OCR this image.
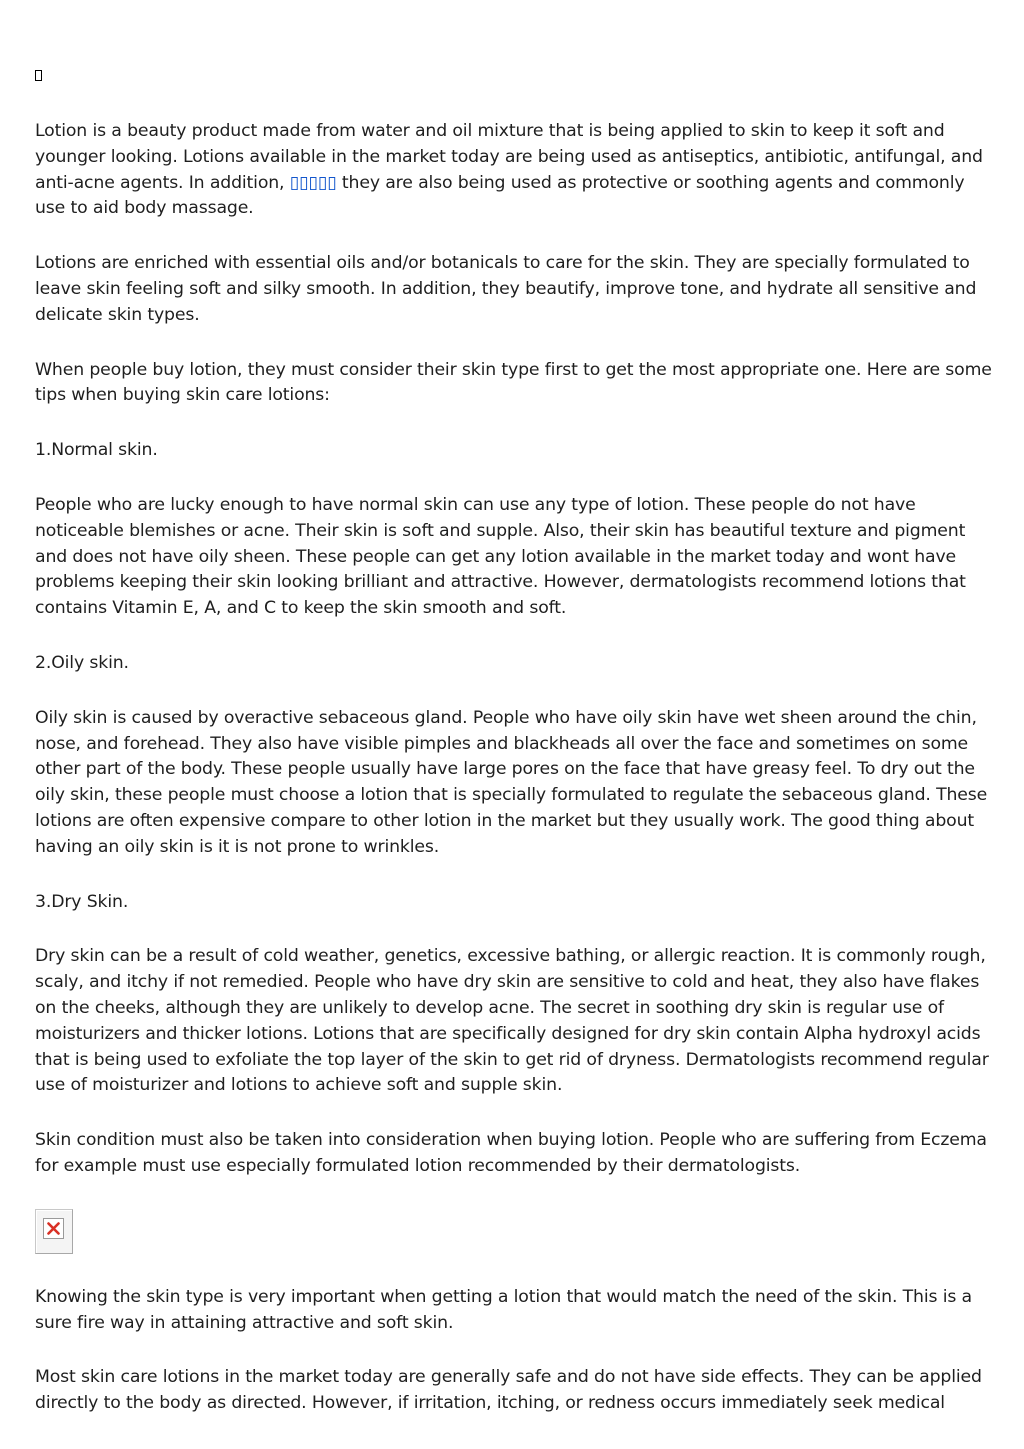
Lotion is a beauty product made from water and oil mixture that is being applied to skin to keep it soft and younger looking. Lotions available in the market today are being used as antiseptics, antibiotic, antifungal, and anti-acne agents. In addition, ▯▯▯▯▯ they are also being used as protective or soothing agents and commonly use to aid body massage.

Lotions are enriched with essential oils and/or botanicals to care for the skin. They are specially formulated to leave skin feeling soft and silky smooth. In addition, they beautify, improve tone, and hydrate all sensitive and delicate skin types.

When people buy lotion, they must consider their skin type first to get the most appropriate one. Here are some tips when buying skin care lotions:

1.Normal skin.

People who are lucky enough to have normal skin can use any type of lotion. These people do not have noticeable blemishes or acne. Their skin is soft and supple. Also, their skin has beautiful texture and pigment and does not have oily sheen. These people can get any lotion available in the market today and wont have problems keeping their skin looking brilliant and attractive. However, dermatologists recommend lotions that contains Vitamin E, A, and C to keep the skin smooth and soft.

2.Oily skin.

Oily skin is caused by overactive sebaceous gland. People who have oily skin have wet sheen around the chin, nose, and forehead. They also have visible pimples and blackheads all over the face and sometimes on some other part of the body. These people usually have large pores on the face that have greasy feel. To dry out the oily skin, these people must choose a lotion that is specially formulated to regulate the sebaceous gland. These lotions are often expensive compare to other lotion in the market but they usually work. The good thing about having an oily skin is it is not prone to wrinkles.

3.Dry Skin.

Dry skin can be a result of cold weather, genetics, excessive bathing, or allergic reaction. It is commonly rough, scaly, and itchy if not remedied. People who have dry skin are sensitive to cold and heat, they also have flakes on the cheeks, although they are unlikely to develop acne. The secret in soothing dry skin is regular use of moisturizers and thicker lotions. Lotions that are specifically designed for dry skin contain Alpha hydroxyl acids that is being used to exfoliate the top layer of the skin to get rid of dryness. Dermatologists recommend regular use of moisturizer and lotions to achieve soft and supple skin.

Skin condition must also be taken into consideration when buying lotion. People who are suffering from Eczema for example must use especially formulated lotion recommended by their dermatologists.

Knowing the skin type is very important when getting a lotion that would match the need of the skin. This is a sure fire way in attaining attractive and soft skin.

Most skin care lotions in the market today are generally safe and do not have side effects. They can be applied directly to the body as directed. However, if irritation, itching, or redness occurs immediately seek medical
